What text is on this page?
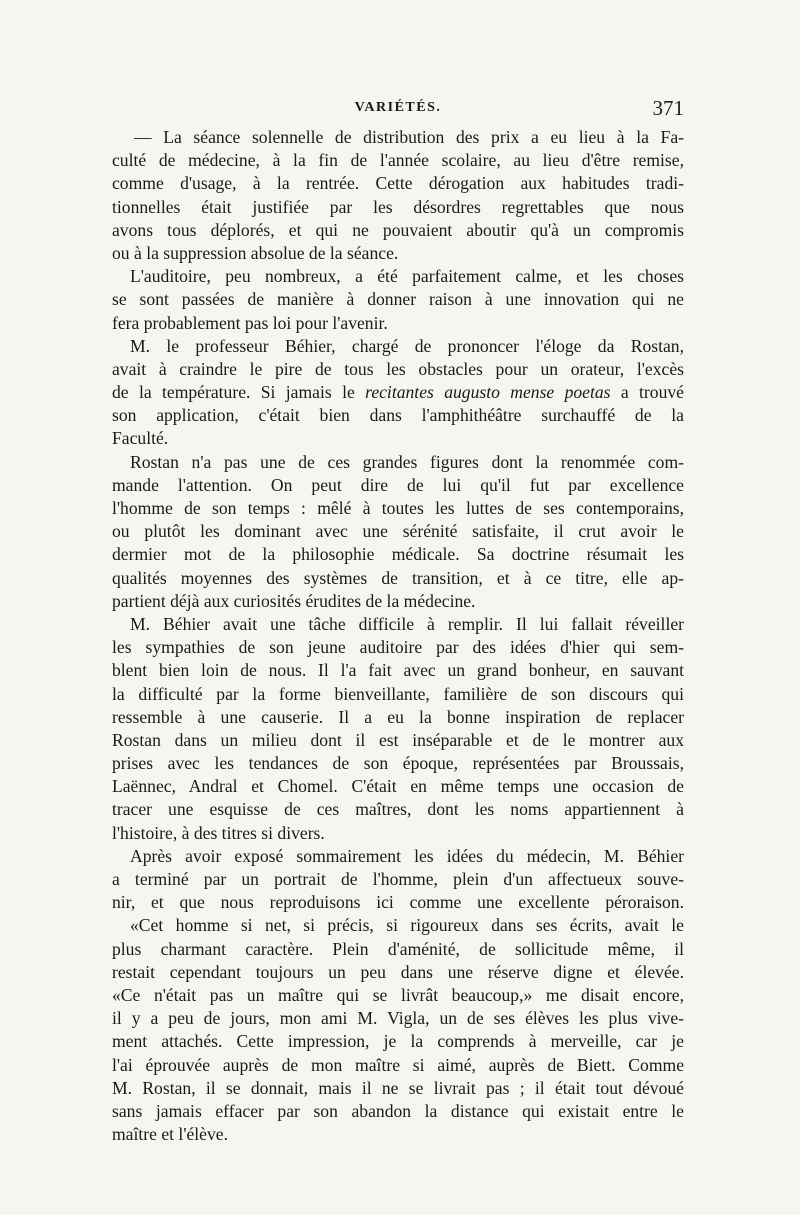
VARIÉTÉS.	371
— La séance solennelle de distribution des prix a eu lieu à la Fa-
culté de médecine, à la fin de l'année scolaire, au lieu d'être remise,
comme d'usage, à la rentrée. Cette dérogation aux habitudes tradi-
tionnelles était justifiée par les désordres regrettables que nous
avons tous déplorés, et qui ne pouvaient aboutir qu'à un compromis
ou à la suppression absolue de la séance.
L'auditoire, peu nombreux, a été parfaitement calme, et les choses
se sont passées de manière à donner raison à une innovation qui ne
fera probablement pas loi pour l'avenir.
M. le professeur Béhier, chargé de prononcer l'éloge da Rostan,
avait à craindre le pire de tous les obstacles pour un orateur, l'excès
de la température. Si jamais le recitantes augusto mense poetas a trouvé
son application, c'était bien dans l'amphithéâtre surchauffé de la
Faculté.
Rostan n'a pas une de ces grandes figures dont la renommée com-
mande l'attention. On peut dire de lui qu'il fut par excellence
l'homme de son temps : mêlé à toutes les luttes de ses contemporains,
ou plutôt les dominant avec une sérénité satisfaite, il crut avoir le
dermier mot de la philosophie médicale. Sa doctrine résumait les
qualités moyennes des systèmes de transition, et à ce titre, elle ap-
partient déjà aux curiosités érudites de la médecine.
M. Béhier avait une tâche difficile à remplir. Il lui fallait réveiller
les sympathies de son jeune auditoire par des idées d'hier qui sem-
blent bien loin de nous. Il l'a fait avec un grand bonheur, en sauvant
la difficulté par la forme bienveillante, familière de son discours qui
ressemble à une causerie. Il a eu la bonne inspiration de replacer
Rostan dans un milieu dont il est inséparable et de le montrer aux
prises avec les tendances de son époque, représentées par Broussais,
Laënnec, Andral et Chomel. C'était en même temps une occasion de
tracer une esquisse de ces maîtres, dont les noms appartiennent à
l'histoire, à des titres si divers.
Après avoir exposé sommairement les idées du médecin, M. Béhier
a terminé par un portrait de l'homme, plein d'un affectueux souve-
nir, et que nous reproduisons ici comme une excellente péroraison.
«Cet homme si net, si précis, si rigoureux dans ses écrits, avait le
plus charmant caractère. Plein d'aménité, de sollicitude même, il
restait cependant toujours un peu dans une réserve digne et élevée.
«Ce n'était pas un maître qui se livrât beaucoup,» me disait encore,
il y a peu de jours, mon ami M. Vigla, un de ses élèves les plus vive-
ment attachés. Cette impression, je la comprends à merveille, car je
l'ai éprouvée auprès de mon maître si aimé, auprès de Biett. Comme
M. Rostan, il se donnait, mais il ne se livrait pas ; il était tout dévoué
sans jamais effacer par son abandon la distance qui existait entre le
maître et l'élève.
